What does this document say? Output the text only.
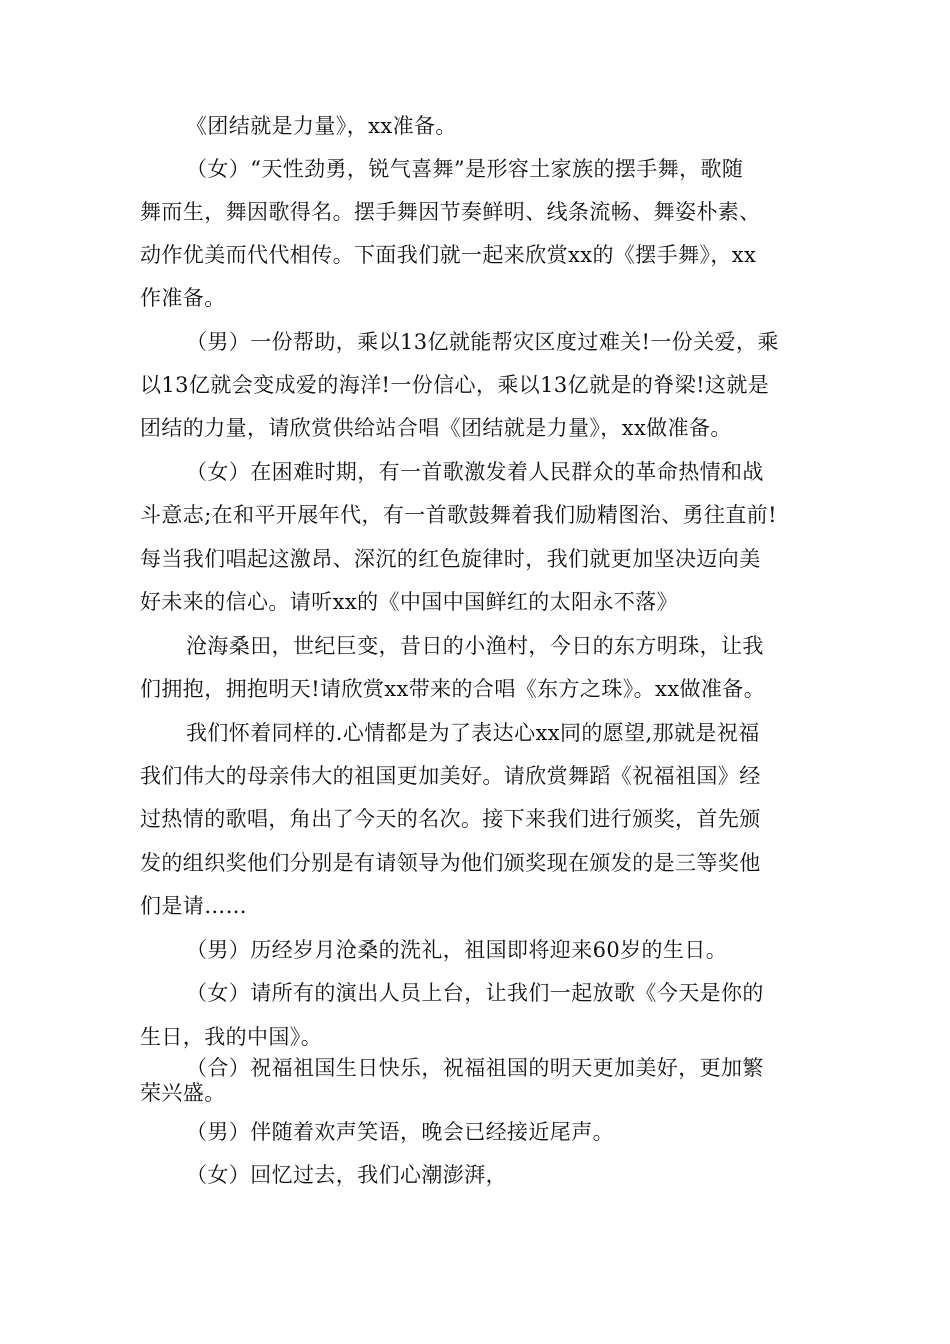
《团结就是力量》，xx准备。
（女）“天性劲勇，锐气喜舞”是形容土家族的摆手舞，歌随
舞而生，舞因歌得名。摆手舞因节奏鲜明、线条流畅、舞姿朴素、
动作优美而代代相传。下面我们就一起来欣赏xx的《摆手舞》，xx
作准备。
（男）一份帮助，乘以13亿就能帮灾区度过难关!一份关爱，乘
以13亿就会变成爱的海洋!一份信心，乘以13亿就是的脊梁!这就是
团结的力量，请欣赏供给站合唱《团结就是力量》，xx做准备。
（女）在困难时期，有一首歌激发着人民群众的革命热情和战
斗意志;在和平开展年代，有一首歌鼓舞着我们励精图治、勇往直前!
每当我们唱起这激昂、深沉的红色旋律时，我们就更加坚决迈向美
好未来的信心。请听xx的《中国中国鲜红的太阳永不落》
沧海桑田，世纪巨变，昔日的小渔村，今日的东方明珠，让我
们拥抱，拥抱明天!请欣赏xx带来的合唱《东方之珠》。xx做准备。
我们怀着同样的.心情都是为了表达心xx同的愿望,那就是祝福
我们伟大的母亲伟大的祖国更加美好。请欣赏舞蹈《祝福祖国》经
过热情的歌唱，角出了今天的名次。接下来我们进行颁奖，首先颁
发的组织奖他们分别是有请领导为他们颁奖现在颁发的是三等奖他
们是请……
（男）历经岁月沧桑的洗礼，祖国即将迎来60岁的生日。
（女）请所有的演出人员上台，让我们一起放歌《今天是你的
生日，我的中国》。
（合）祝福祖国生日快乐，祝福祖国的明天更加美好，更加繁
荣兴盛。
（男）伴随着欢声笑语，晚会已经接近尾声。
（女）回忆过去，我们心潮澎湃，
